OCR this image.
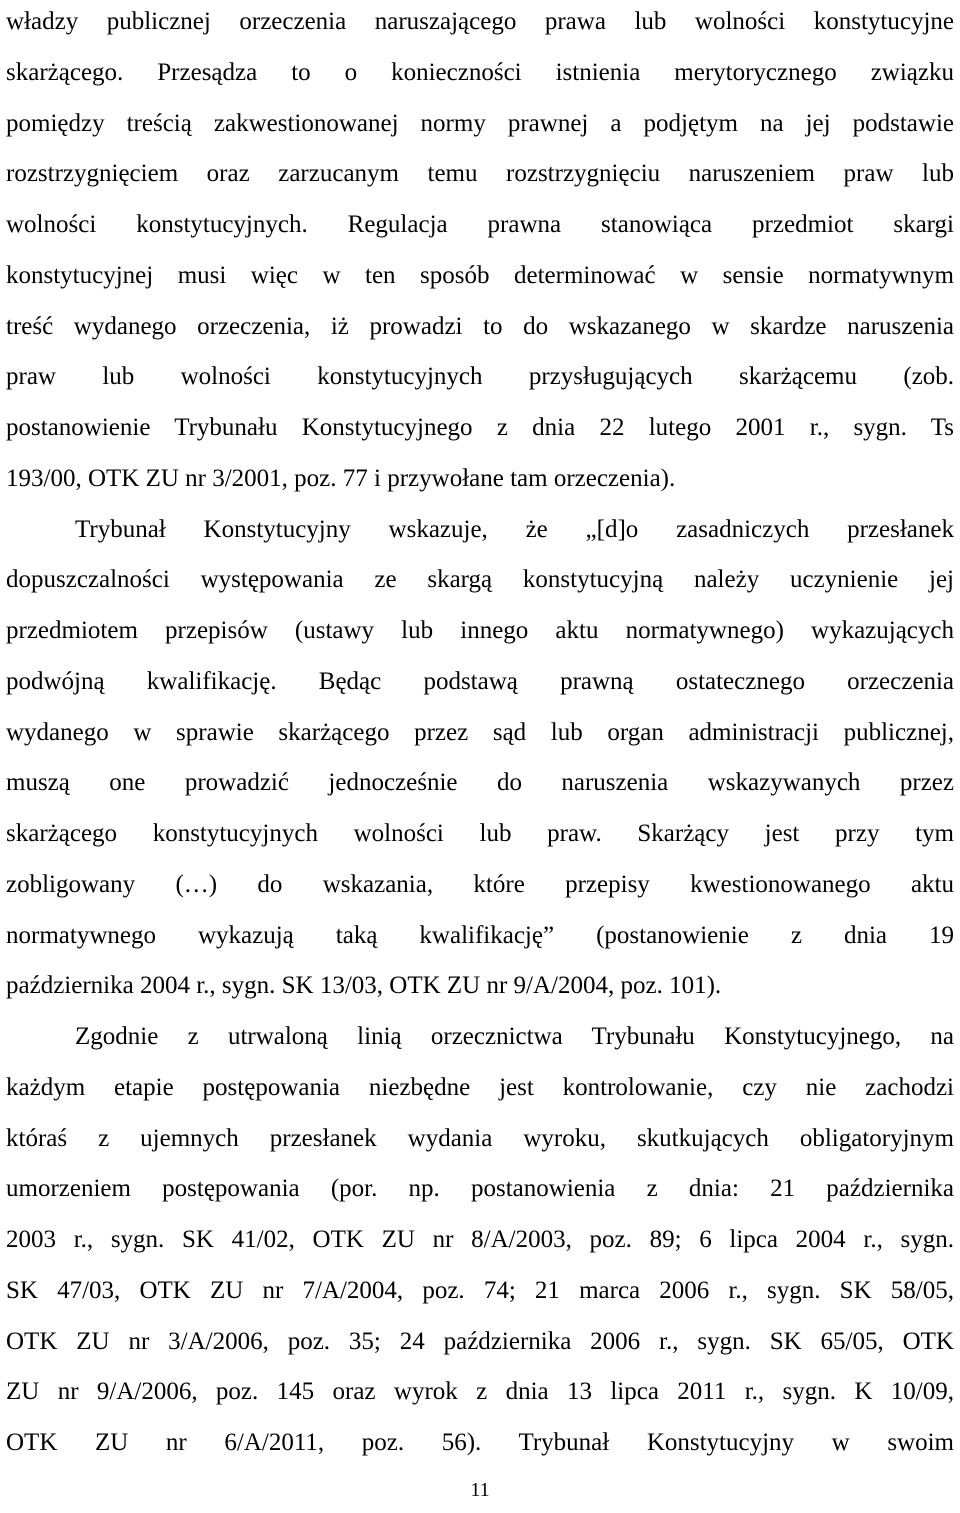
władzy publicznej orzeczenia naruszającego prawa lub wolności konstytucyjne
skarżącego. Przesądza to o konieczności istnienia merytorycznego związku
pomiędzy treścią zakwestionowanej normy prawnej a podjętym na jej podstawie
rozstrzygnięciem oraz zarzucanym temu rozstrzygnięciu naruszeniem praw lub
wolności konstytucyjnych. Regulacja prawna stanowiąca przedmiot skargi
konstytucyjnej musi więc w ten sposób determinować w sensie normatywnym
treść wydanego orzeczenia, iż prowadzi to do wskazanego w skardze naruszenia
praw lub wolności konstytucyjnych przysługujących skarżącemu (zob.
postanowienie Trybunału Konstytucyjnego z dnia 22 lutego 2001 r., sygn. Ts
193/00, OTK ZU nr 3/2001, poz. 77 i przywołane tam orzeczenia).
Trybunał Konstytucyjny wskazuje, że „[d]o zasadniczych przesłanek
dopuszczalności występowania ze skargą konstytucyjną należy uczynienie jej
przedmiotem przepisów (ustawy lub innego aktu normatywnego) wykazujących
podwójną kwalifikację. Będąc podstawą prawną ostatecznego orzeczenia
wydanego w sprawie skarżącego przez sąd lub organ administracji publicznej,
muszą one prowadzić jednocześnie do naruszenia wskazywanych przez
skarżącego konstytucyjnych wolności lub praw. Skarżący jest przy tym
zobligowany (…) do wskazania, które przepisy kwestionowanego aktu
normatywnego wykazują taką kwalifikację” (postanowienie z dnia 19
października 2004 r., sygn. SK 13/03, OTK ZU nr 9/A/2004, poz. 101).
Zgodnie z utrwaloną linią orzecznictwa Trybunału Konstytucyjnego, na
każdym etapie postępowania niezbędne jest kontrolowanie, czy nie zachodzi
któraś z ujemnych przesłanek wydania wyroku, skutkujących obligatoryjnym
umorzeniem postępowania (por. np. postanowienia z dnia: 21 października
2003 r., sygn. SK 41/02, OTK ZU nr 8/A/2003, poz. 89; 6 lipca 2004 r., sygn.
SK 47/03, OTK ZU nr 7/A/2004, poz. 74; 21 marca 2006 r., sygn. SK 58/05,
OTK ZU nr 3/A/2006, poz. 35; 24 października 2006 r., sygn. SK 65/05, OTK
ZU nr 9/A/2006, poz. 145 oraz wyrok z dnia 13 lipca 2011 r., sygn. K 10/09,
OTK ZU nr 6/A/2011, poz. 56). Trybunał Konstytucyjny w swoim
11
